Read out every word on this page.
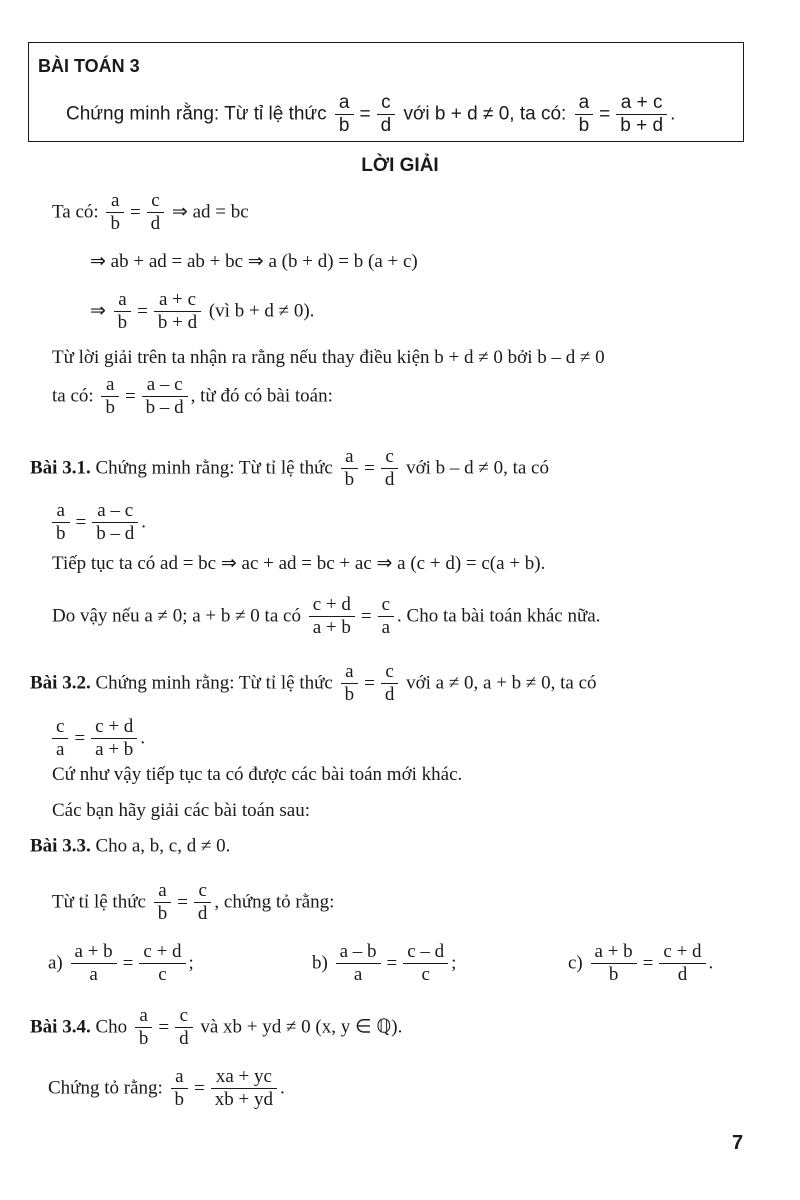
BÀI TOÁN 3
Chứng minh rằng: Từ tỉ lệ thức $\frac{a}{b} = \frac{c}{d}$ với b + d ≠ 0, ta có: $\frac{a}{b} = \frac{a + c}{b + d}$ .
LỜI GIẢI
Ta có: $\frac{a}{b} = \frac{c}{d}$ ⇒ ad = bc
⇒ ab + ad = ab + bc ⇒ a (b + d) = b (a + c)
⇒ $\frac{a}{b} = \frac{a + c}{b + d}$ (vì b + d ≠ 0).
Từ lời giải trên ta nhận ra rằng nếu thay điều kiện b + d ≠ 0 bởi b – d ≠ 0
ta có: $\frac{a}{b} = \frac{a - c}{b - d}$ , từ đó có bài toán:
Bài 3.1. Chứng minh rằng: Từ tỉ lệ thức $\frac{a}{b} = \frac{c}{d}$ với b – d ≠ 0, ta có
$\frac{a}{b} = \frac{a - c}{b - d}$ .
Tiếp tục ta có ad = bc ⇒ ac + ad = bc + ac ⇒ a (c + d) = c(a + b).
Do vậy nếu a ≠ 0; a + b ≠ 0 ta có $\frac{c + d}{a + b} = \frac{c}{a}$ . Cho ta bài toán khác nữa.
Bài 3.2. Chứng minh rằng: Từ tỉ lệ thức $\frac{a}{b} = \frac{c}{d}$ với a ≠ 0, a + b ≠ 0, ta có
$\frac{c}{a} = \frac{c + d}{a + b}$ .
Cứ như vậy tiếp tục ta có được các bài toán mới khác.
Các bạn hãy giải các bài toán sau:
Bài 3.3. Cho a, b, c, d ≠ 0.
Từ tỉ lệ thức $\frac{a}{b} = \frac{c}{d}$ , chứng tỏ rằng:
$a) \frac{a + b}{a} = \frac{c + d}{c}$ ;	$b) \frac{a - b}{a} = \frac{c - d}{c}$ ;	$c) \frac{a + b}{b} = \frac{c + d}{d}$ .
Bài 3.4. Cho $\frac{a}{b} = \frac{c}{d}$ và xb + yd ≠ 0 (x, y ∈ ℚ).
Chứng tỏ rằng: $\frac{a}{b} = \frac{xa + yc}{xb + yd}$ .
7
